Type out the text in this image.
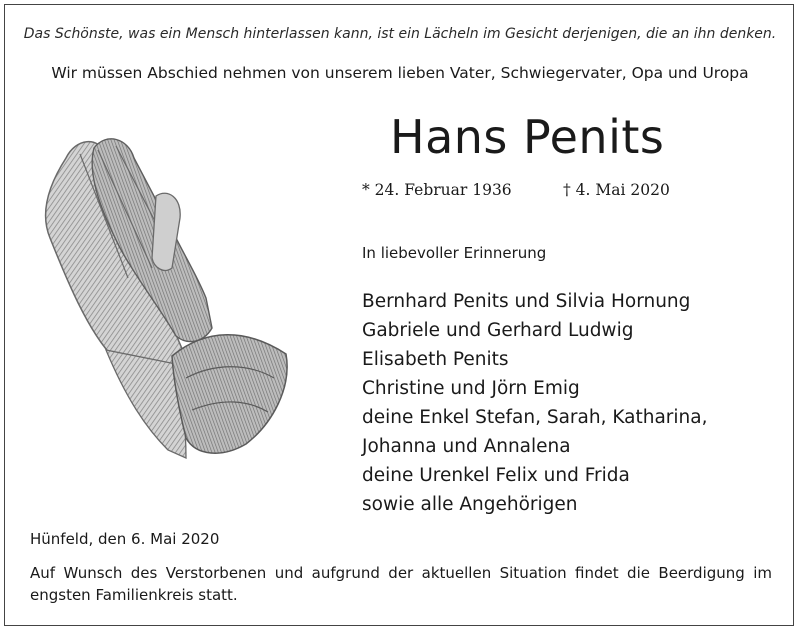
Das Schönste, was ein Mensch hinterlassen kann, ist ein Lächeln im Gesicht derjenigen, die an ihn denken.
Wir müssen Abschied nehmen von unserem lieben Vater, Schwiegervater, Opa und Uropa
Hans Penits
* 24. Februar 1936	† 4. Mai 2020
In liebevoller Erinnerung
Bernhard Penits und Silvia Hornung
Gabriele und Gerhard Ludwig
Elisabeth Penits
Christine und Jörn Emig
deine Enkel Stefan, Sarah, Katharina,
Johanna und Annalena
deine Urenkel Felix und Frida
sowie alle Angehörigen
Hünfeld, den 6. Mai 2020
Auf Wunsch des Verstorbenen und aufgrund der aktuellen Situation findet die Beerdigung im engsten Familienkreis statt.
